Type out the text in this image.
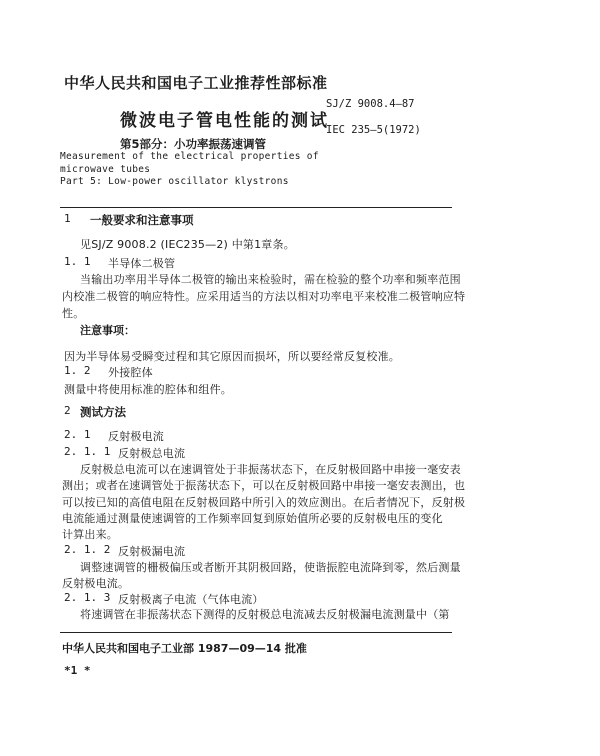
中华人民共和国电子工业推荐性部标准
微波电子管电性能的测试
SJ/Z 9008.4—87
IEC 235—5(1972)
第5部分：小功率振荡速调管
Measurement of the electrical properties of
microwave tubes
Part 5: Low-power oscillator klystrons
1 一般要求和注意事项
见SJ/Z 9008.2 (IEC235—2) 中第1章条。
1. 1 半导体二极管
当输出功率用半导体二极管的输出来检验时，需在检验的整个功率和频率范围
内校准二极管的响应特性。应采用适当的方法以相对功率电平来校准二极管响应特
性。
注意事项：
因为半导体易受瞬变过程和其它原因而损坏，所以要经常反复校准。
1. 2 外接腔体
测量中将使用标准的腔体和组件。
2 测试方法
2. 1 反射极电流
2. 1. 1 反射极总电流
反射极总电流可以在速调管处于非振荡状态下，在反射极回路中串接一毫安表
测出；或者在速调管处于振荡状态下，可以在反射极回路中串接一毫安表测出，也
可以按已知的高值电阻在反射极回路中所引入的效应测出。在后者情况下，反射极
电流能通过测量使速调管的工作频率回复到原始值所必要的反射极电压的变化
计算出来。
2. 1. 2 反射极漏电流
调整速调管的栅极偏压或者断开其阴极回路，使谐振腔电流降到零，然后测量
反射极电流。
2. 1. 3 反射极离子电流（气体电流）
将速调管在非振荡状态下测得的反射极总电流减去反射极漏电流测量中（第
中华人民共和国电子工业部 1987—09—14 批准
*1 *
